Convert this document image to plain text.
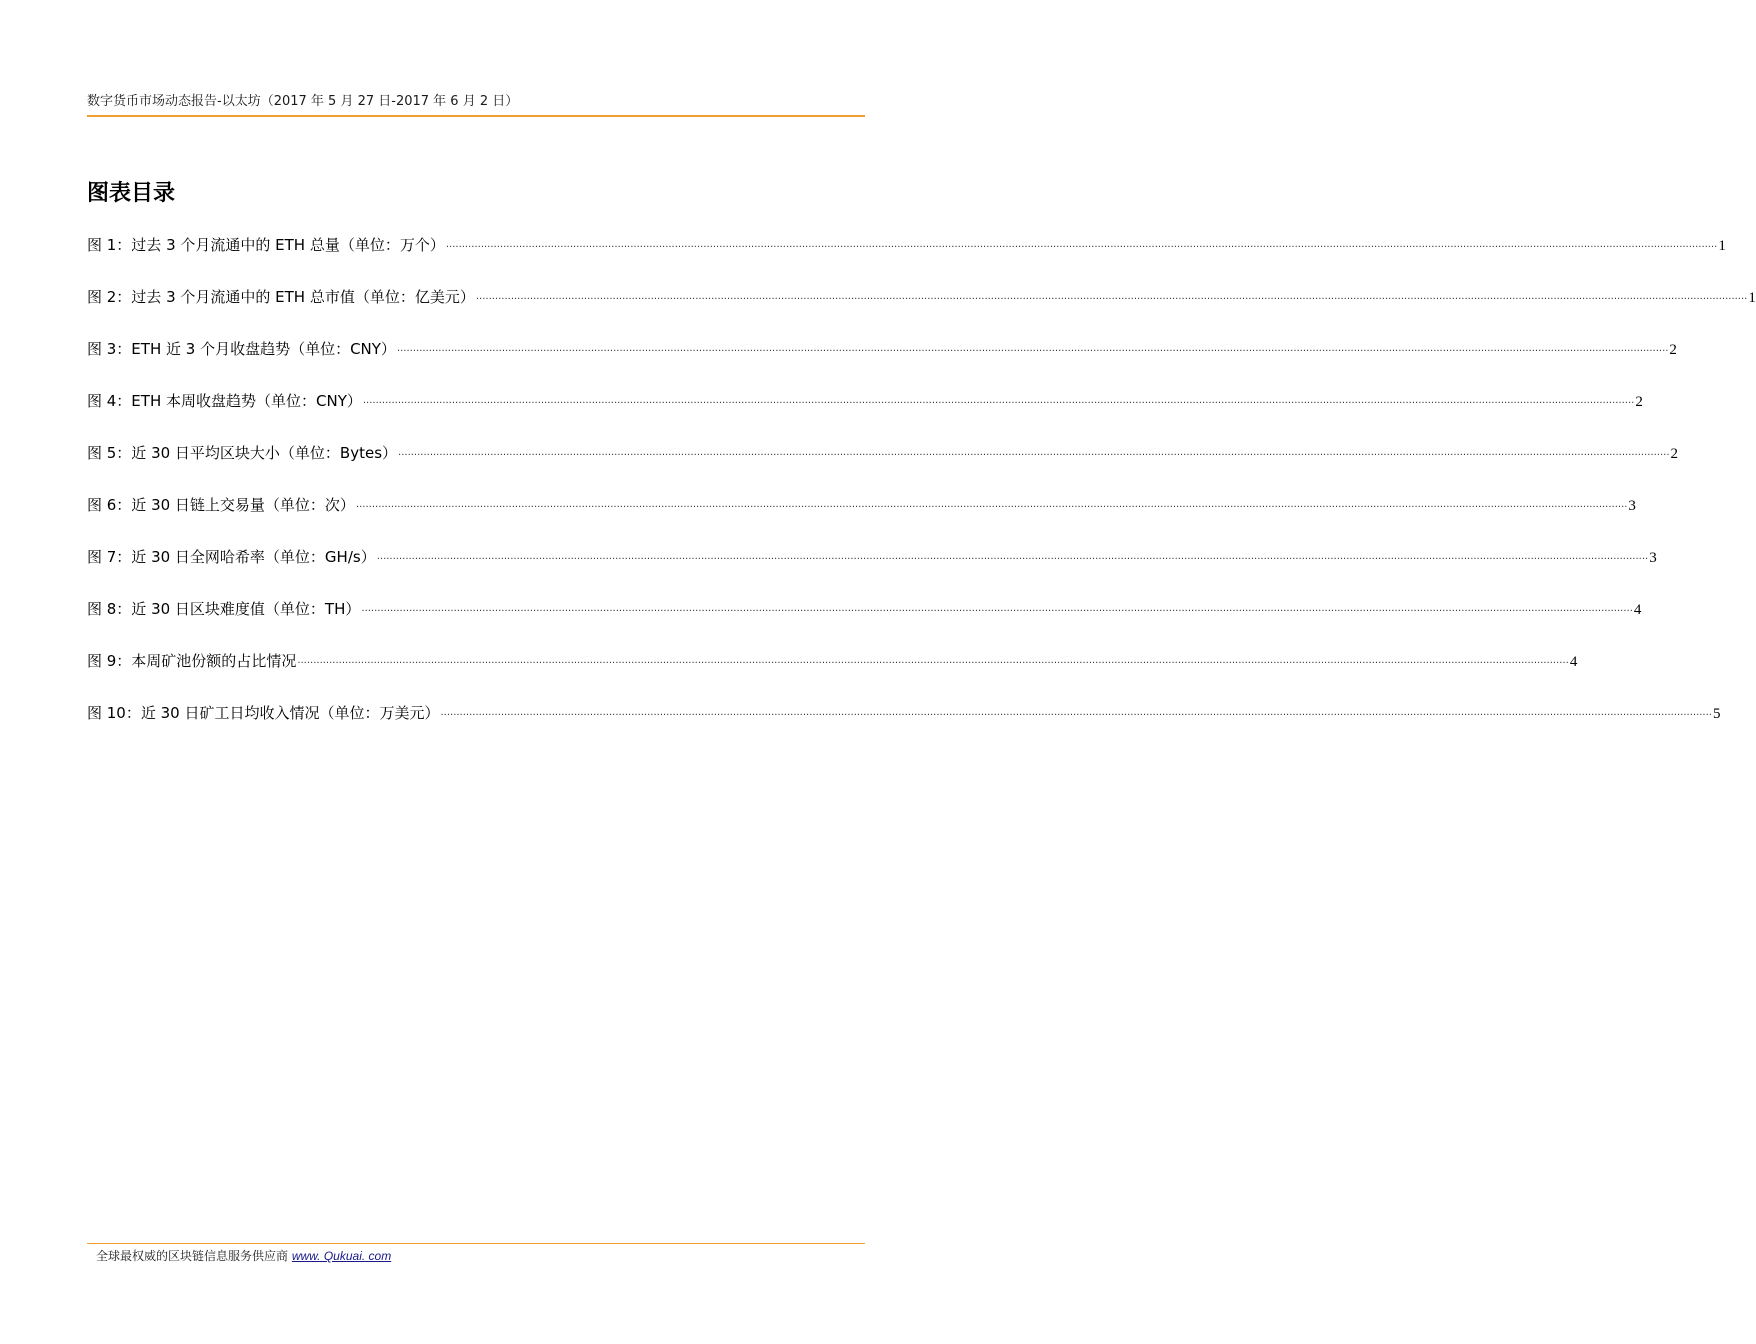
数字货币市场动态报告-以太坊（2017 年 5 月 27 日-2017 年 6 月 2 日）
图表目录
图 1：过去 3 个月流通中的 ETH 总量（单位：万个） ················································································································································································································································································································································································································ 1
图 2：过去 3 个月流通中的 ETH 总市值（单位：亿美元） ················································································································································································································································································································································································································ 1
图 3：ETH 近 3 个月收盘趋势（单位：CNY） ················································································································································································································································································································································································································ 2
图 4：ETH 本周收盘趋势（单位：CNY） ················································································································································································································································································································································································································ 2
图 5：近 30 日平均区块大小（单位：Bytes） ················································································································································································································································································································································································································ 2
图 6：近 30 日链上交易量（单位：次） ················································································································································································································································································································································································································ 3
图 7：近 30 日全网哈希率（单位：GH/s） ················································································································································································································································································································································································································ 3
图 8：近 30 日区块难度值（单位：TH） ················································································································································································································································································································································································································ 4
图 9：本周矿池份额的占比情况 ················································································································································································································································································································································································································ 4
图 10：近 30 日矿工日均收入情况（单位：万美元） ················································································································································································································································································································································································································ 5
全球最权威的区块链信息服务供应商 www. Qukuai. com
